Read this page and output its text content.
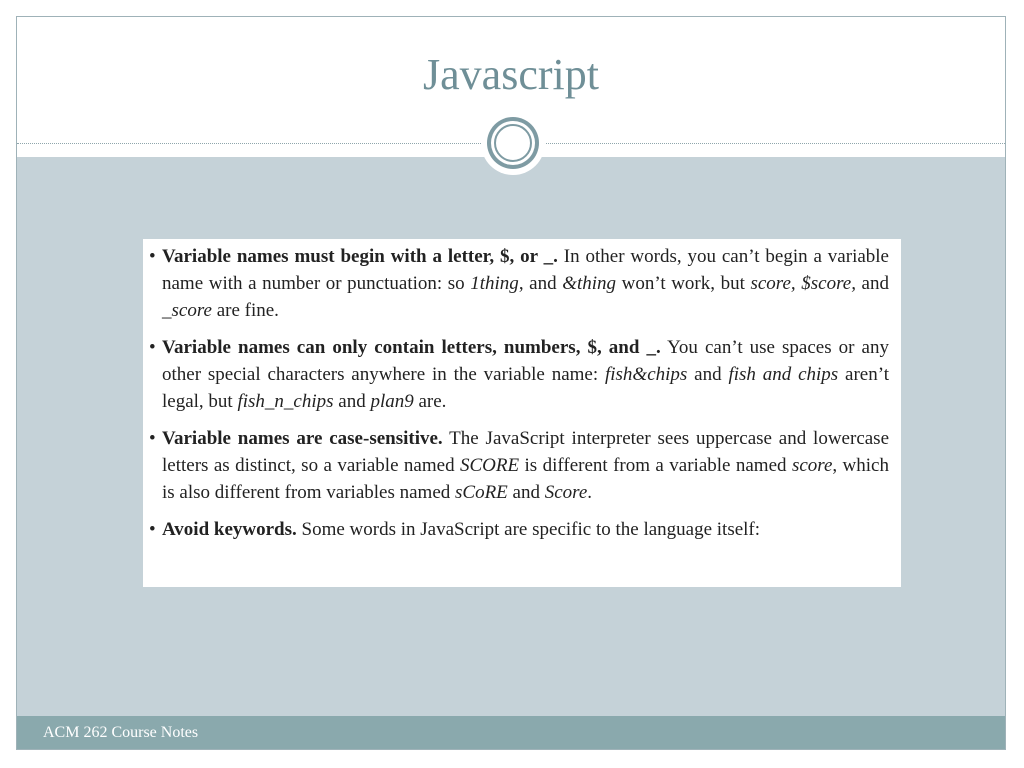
Javascript
• Variable names must begin with a letter, $, or _. In other words, you can’t begin a variable name with a number or punctuation: so 1thing, and &thing won’t work, but score, $score, and _score are fine.
• Variable names can only contain letters, numbers, $, and _. You can’t use spaces or any other special characters anywhere in the variable name: fish&chips and fish and chips aren’t legal, but fish_n_chips and plan9 are.
• Variable names are case-sensitive. The JavaScript interpreter sees uppercase and lowercase letters as distinct, so a variable named SCORE is different from a variable named score, which is also different from variables named sCoRE and Score.
• Avoid keywords. Some words in JavaScript are specific to the language itself:
ACM 262 Course Notes
